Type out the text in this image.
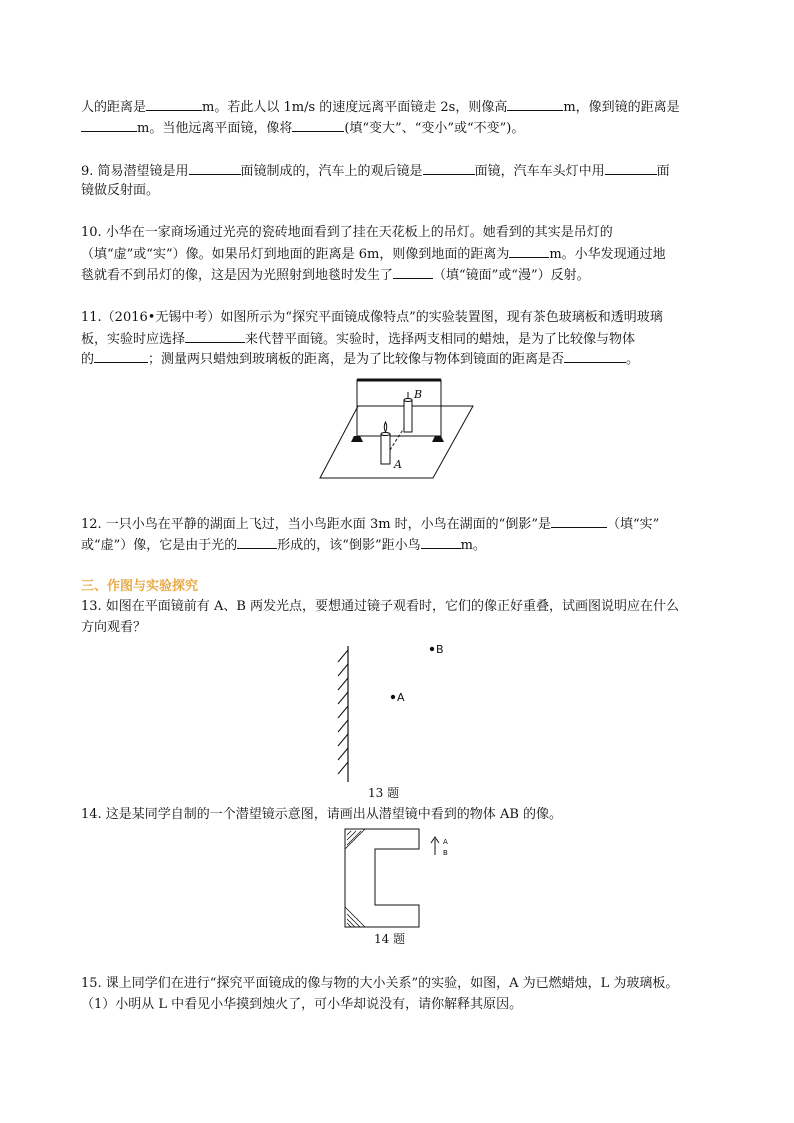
人的距离是	m。若此人以 1m/s 的速度远离平面镜走 2s，则像高	m，像到镜的距离是
m。当他远离平面镜，像将	(填“变大”、“变小”或“不变”)。
9. 简易潜望镜是用	面镜制成的，汽车上的观后镜是	面镜，汽车车头灯中用	面
镜做反射面。
10. 小华在一家商场通过光亮的瓷砖地面看到了挂在天花板上的吊灯。她看到的其实是吊灯的
（填“虚”或“实”）像。如果吊灯到地面的距离是 6m，则像到地面的距离为	m。小华发现通过地
毯就看不到吊灯的像，这是因为光照射到地毯时发生了	（填“镜面”或“漫”）反射。
11.（2016•无锡中考）如图所示为“探究平面镜成像特点”的实验装置图，现有茶色玻璃板和透明玻璃
板，实验时应选择	来代替平面镜。实验时，选择两支相同的蜡烛，是为了比较像与物体
的	；测量两只蜡烛到玻璃板的距离，是为了比较像与物体到镜面的距离是否	。
B
A
12. 一只小鸟在平静的湖面上飞过，当小鸟距水面 3m 时，小鸟在湖面的“倒影”是	（填“实”
或“虚”）像，它是由于光的	形成的，该“倒影”距小鸟	m。
三、作图与实验探究
13. 如图在平面镜前有 A、B 两发光点，要想通过镜子观看时，它们的像正好重叠，试画图说明应在什么
方向观看？
B
A
13 题
14. 这是某同学自制的一个潜望镜示意图，请画出从潜望镜中看到的物体 AB 的像。
A
B
14 题
15. 课上同学们在进行“探究平面镜成的像与物的大小关系”的实验，如图，A 为已燃蜡烛，L 为玻璃板。
（1）小明从 L 中看见小华摸到烛火了，可小华却说没有，请你解释其原因。
